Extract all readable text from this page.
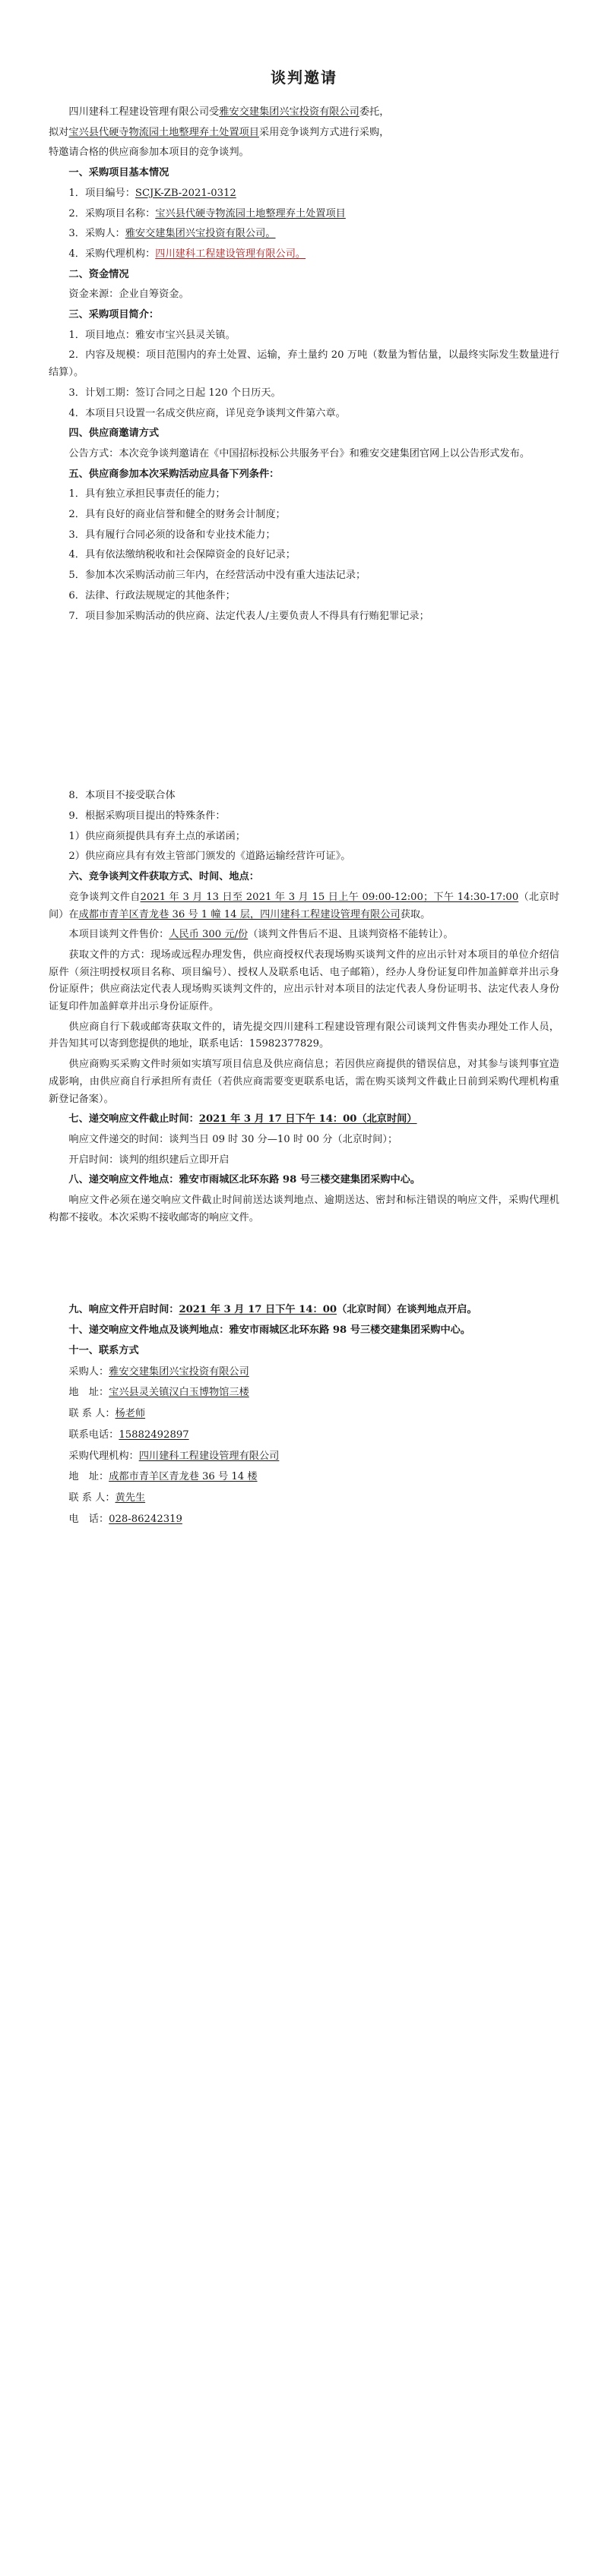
谈判邀请

四川建科工程建设管理有限公司受雅安交建集团兴宝投资有限公司委托，

拟对宝兴县代硬寺物流园土地整理弃土处置项目采用竞争谈判方式进行采购，

特邀请合格的供应商参加本项目的竞争谈判。

一、采购项目基本情况

1．项目编号：SCJK-ZB-2021-0312

2．采购项目名称：宝兴县代硬寺物流园土地整理弃土处置项目

3．采购人：雅安交建集团兴宝投资有限公司。

4．采购代理机构：四川建科工程建设管理有限公司。

二、资金情况

资金来源：企业自筹资金。

三、采购项目简介：

1．项目地点：雅安市宝兴县灵关镇。

2．内容及规模：项目范围内的弃土处置、运输，弃土量约 20 万吨（数量为暂估量，以最终实际发生数量进行结算）。

3．计划工期：签订合同之日起 120 个日历天。

4．本项目只设置一名成交供应商，详见竞争谈判文件第六章。

四、供应商邀请方式

公告方式：本次竞争谈判邀请在《中国招标投标公共服务平台》和雅安交建集团官网上以公告形式发布。

五、供应商参加本次采购活动应具备下列条件：

1．具有独立承担民事责任的能力；

2．具有良好的商业信誉和健全的财务会计制度；

3．具有履行合同必须的设备和专业技术能力；

4．具有依法缴纳税收和社会保障资金的良好记录；

5．参加本次采购活动前三年内，在经营活动中没有重大违法记录；

6．法律、行政法规规定的其他条件；

7．项目参加采购活动的供应商、法定代表人/主要负责人不得具有行贿犯罪记录；

8．本项目不接受联合体

9．根据采购项目提出的特殊条件：

1）供应商须提供具有弃土点的承诺函；

2）供应商应具有有效主管部门颁发的《道路运输经营许可证》。

六、竞争谈判文件获取方式、时间、地点：

竞争谈判文件自2021 年 3 月 13 日至 2021 年 3 月 15 日上午 09:00-12:00；下午 14:30-17:00（北京时间）在成都市青羊区青龙巷 36 号 1 幢 14 层，四川建科工程建设管理有限公司获取。

本项目谈判文件售价：人民币 300 元/份（谈判文件售后不退、且谈判资格不能转让）。

获取文件的方式：现场或远程办理发售，供应商授权代表现场购买谈判文件的应出示针对本项目的单位介绍信原件（须注明授权项目名称、项目编号）、授权人及联系电话、电子邮箱），经办人身份证复印件加盖鲜章并出示身份证原件；供应商法定代表人现场购买谈判文件的，应出示针对本项目的法定代表人身份证明书、法定代表人身份证复印件加盖鲜章并出示身份证原件。

供应商自行下载或邮寄获取文件的，请先提交四川建科工程建设管理有限公司谈判文件售卖办理处工作人员，并告知其可以寄到您提供的地址，联系电话：15982377829。

供应商购买采购文件时须如实填写项目信息及供应商信息；若因供应商提供的错误信息，对其参与谈判事宜造成影响，由供应商自行承担所有责任（若供应商需要变更联系电话，需在购买谈判文件截止日前到采购代理机构重新登记备案）。

七、递交响应文件截止时间：2021 年 3 月 17 日下午 14：00（北京时间）

响应文件递交的时间：谈判当日 09 时 30 分—10 时 00 分（北京时间）；

开启时间：谈判的组织建后立即开启

八、递交响应文件地点：雅安市雨城区北环东路 98 号三楼交建集团采购中心。

响应文件必须在递交响应文件截止时间前送达谈判地点、逾期送达、密封和标注错误的响应文件，采购代理机构都不接收。本次采购不接收邮寄的响应文件。

九、响应文件开启时间：2021 年 3 月 17 日下午 14：00（北京时间）在谈判地点开启。

十、递交响应文件地点及谈判地点：雅安市雨城区北环东路 98 号三楼交建集团采购中心。

十一、联系方式

采购人：雅安交建集团兴宝投资有限公司

地　址：宝兴县灵关镇汉白玉博物馆三楼

联 系 人：杨老师

联系电话：15882492897

采购代理机构：四川建科工程建设管理有限公司

地　址：成都市青羊区青龙巷 36 号 14 楼

联 系 人：黄先生

电　话：028-86242319
